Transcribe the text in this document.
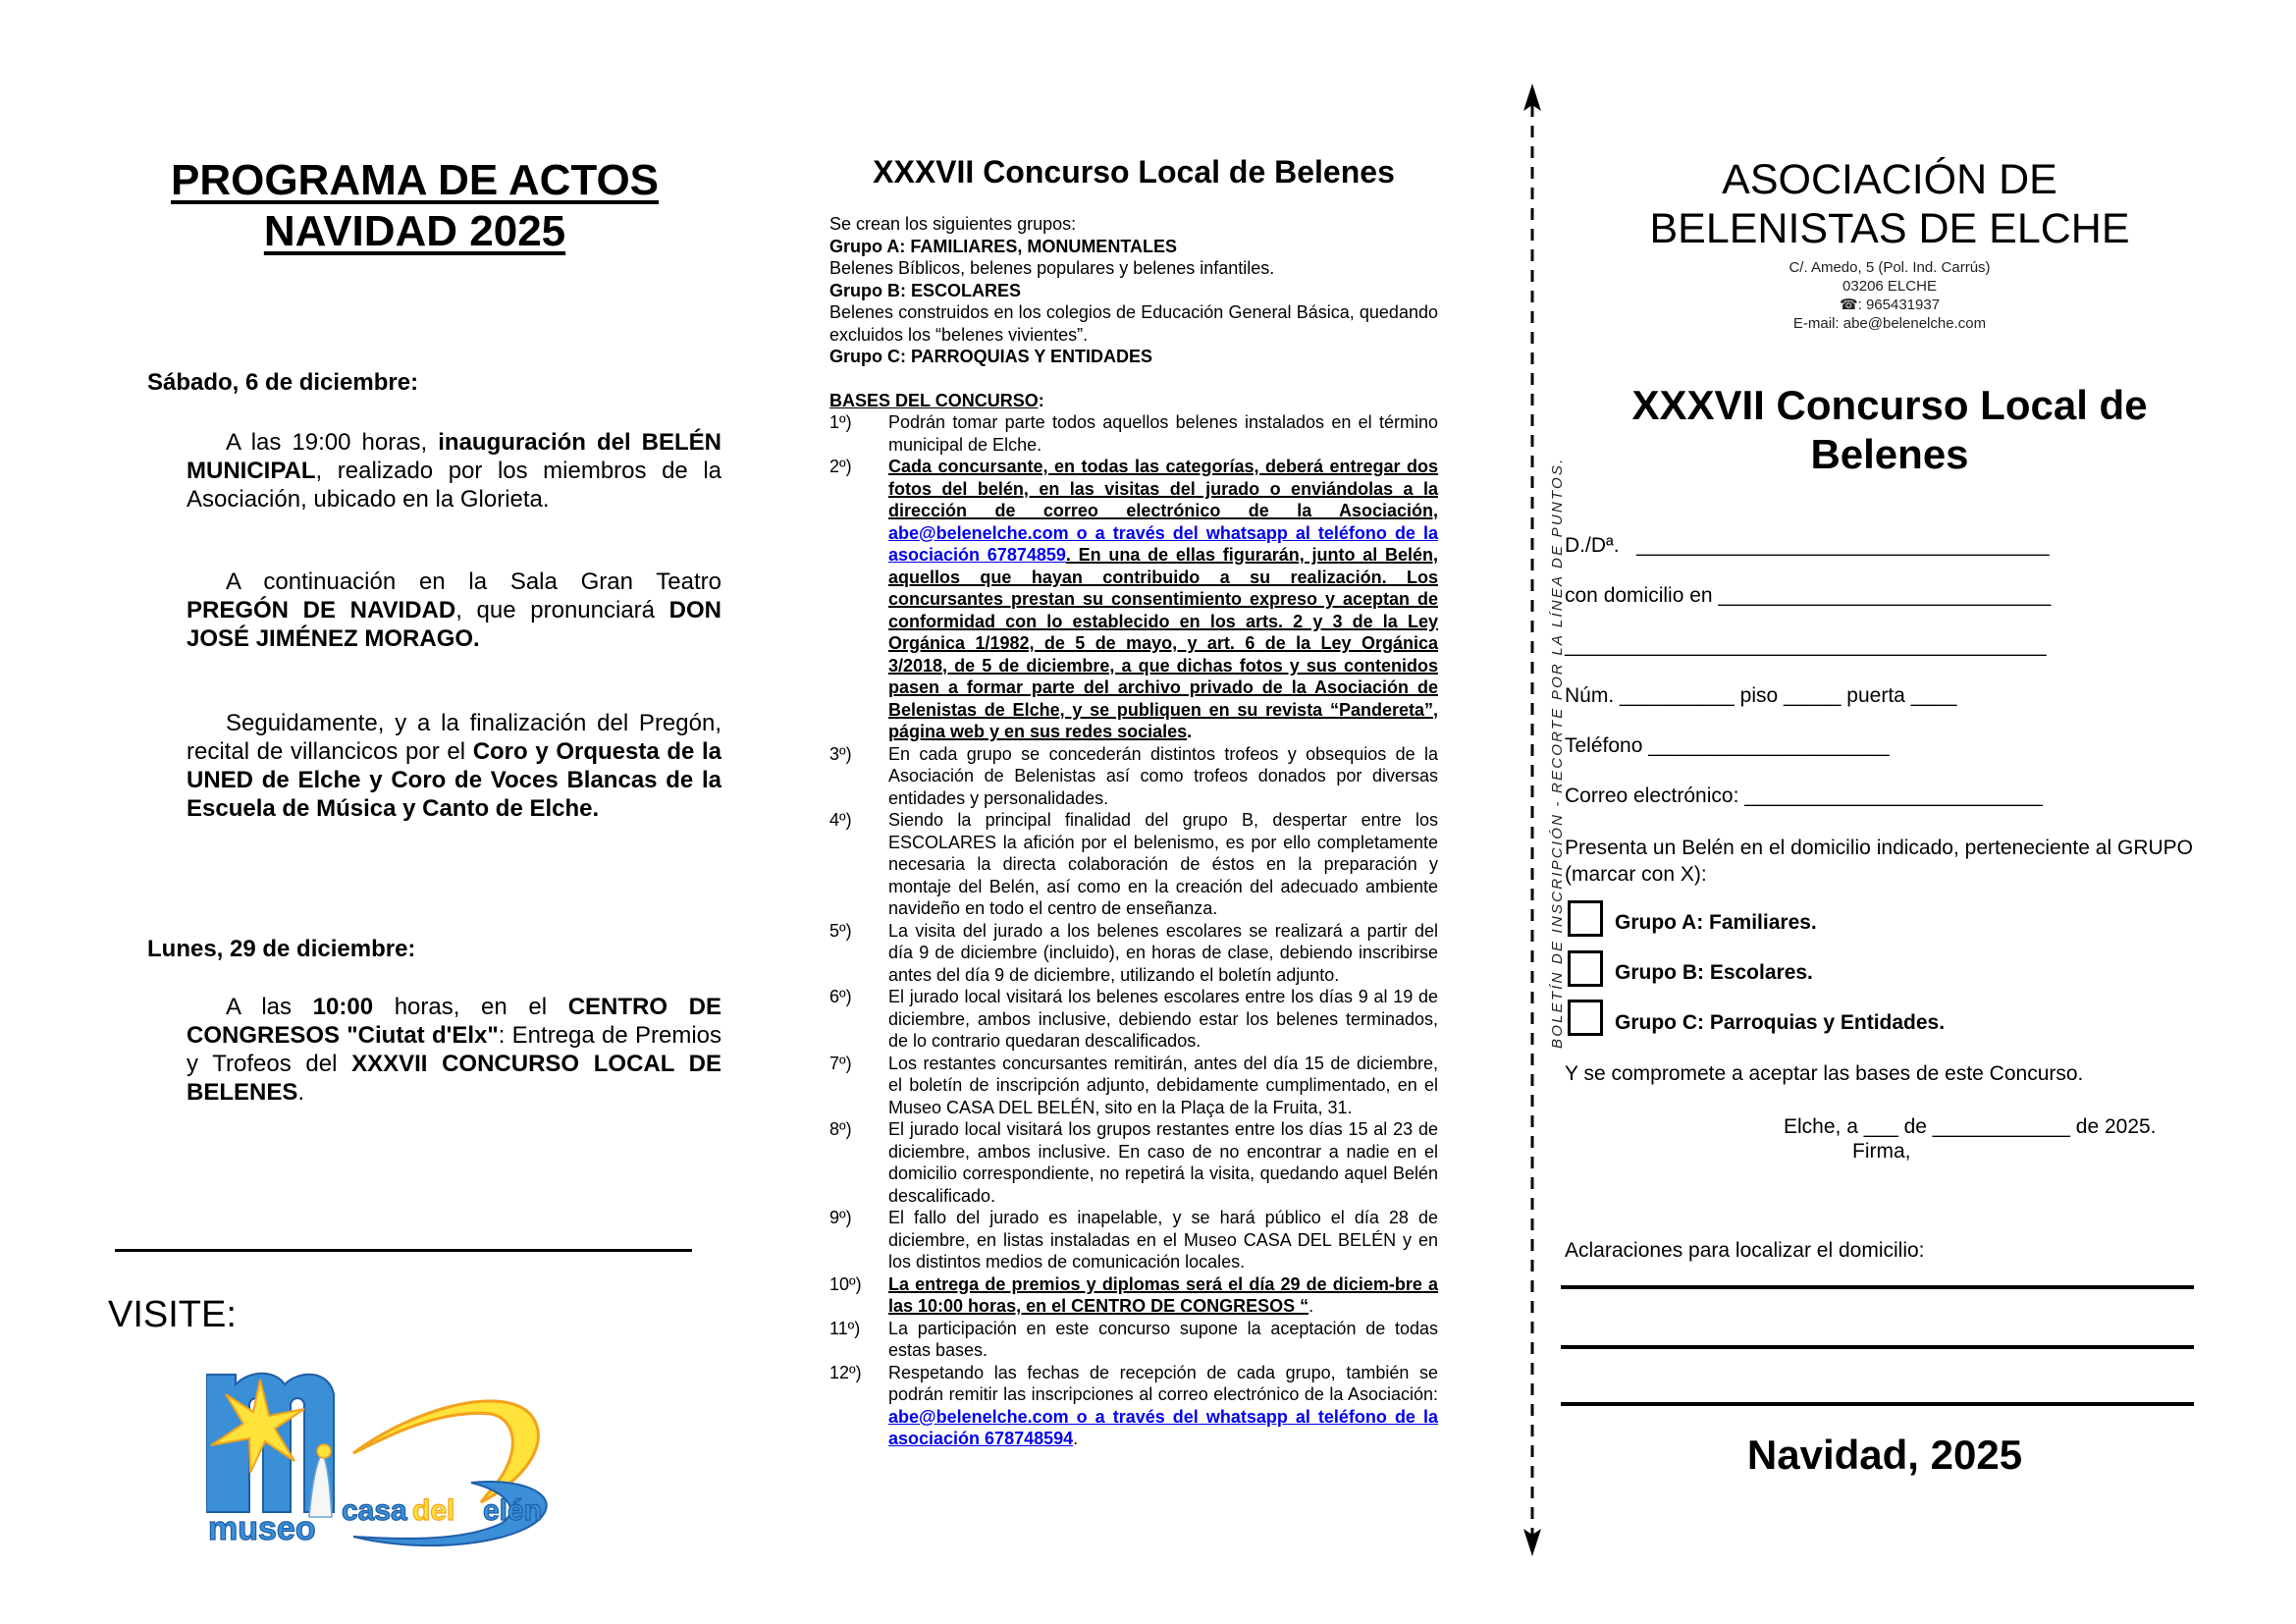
PROGRAMA DE ACTOS
NAVIDAD 2025
Sábado, 6 de diciembre:
A las 19:00 horas, inauguración del BELÉN MUNICIPAL, realizado por los miembros de la Asociación, ubicado en la Glorieta.
A continuación en la Sala Gran Teatro PREGÓN DE NAVIDAD, que pronunciará DON JOSÉ JIMÉNEZ MORAGO.
Seguidamente, y a la finalización del Pregón, recital de villancicos por el Coro y Orquesta de la UNED de Elche y Coro de Voces Blancas de la Escuela de Música y Canto de Elche.
Lunes, 29 de diciembre:
A las 10:00 horas, en el CENTRO DE CONGRESOS "Ciutat d'Elx": Entrega de Premios y Trofeos del XXXVII CONCURSO LOCAL DE BELENES.
VISITE:
museo casa del elén
XXXVII Concurso Local de Belenes
Se crean los siguientes grupos:
Grupo A: FAMILIARES, MONUMENTALES
Belenes Bíblicos, belenes populares y belenes infantiles.
Grupo B: ESCOLARES
Belenes construidos en los colegios de Educación General Básica, quedando excluidos los “belenes vivientes”.
Grupo C: PARROQUIAS Y ENTIDADES
BASES DEL CONCURSO:
1º)	Podrán tomar parte todos aquellos belenes instalados en el término municipal de Elche.
2º)	Cada concursante, en todas las categorías, deberá entregar dos fotos del belén, en las visitas del jurado o enviándolas a la dirección de correo electrónico de la Asociación, abe@belenelche.com o a través del whatsapp al teléfono de la asociación 67874859. En una de ellas figurarán, junto al Belén, aquellos que hayan contribuido a su realización. Los concursantes prestan su consentimiento expreso y aceptan de conformidad con lo establecido en los arts. 2 y 3 de la Ley Orgánica 1/1982, de 5 de mayo, y art. 6 de la Ley Orgánica 3/2018, de 5 de diciembre, a que dichas fotos y sus contenidos pasen a formar parte del archivo privado de la Asociación de Belenistas de Elche, y se publiquen en su revista “Pandereta”, página web y en sus redes sociales.
3º)	En cada grupo se concederán distintos trofeos y obsequios de la Asociación de Belenistas así como trofeos donados por diversas entidades y personalidades.
4º)	Siendo la principal finalidad del grupo B, despertar entre los ESCOLARES la afición por el belenismo, es por ello completamente necesaria la directa colaboración de éstos en la preparación y montaje del Belén, así como en la creación del adecuado ambiente navideño en todo el centro de enseñanza.
5º)	La visita del jurado a los belenes escolares se realizará a partir del día 9 de diciembre (incluido), en horas de clase, debiendo inscribirse antes del día 9 de diciembre, utilizando el boletín adjunto.
6º)	El jurado local visitará los belenes escolares entre los días 9 al 19 de diciembre, ambos inclusive, debiendo estar los belenes terminados, de lo contrario quedaran descalificados.
7º)	Los restantes concursantes remitirán, antes del día 15 de diciembre, el boletín de inscripción adjunto, debidamente cumplimentado, en el Museo CASA DEL BELÉN, sito en la Plaça de la Fruita, 31.
8º)	El jurado local visitará los grupos restantes entre los días 15 al 23 de diciembre, ambos inclusive. En caso de no encontrar a nadie en el domicilio correspondiente, no repetirá la visita, quedando aquel Belén descalificado.
9º)	El fallo del jurado es inapelable, y se hará público el día 28 de diciembre, en listas instaladas en el Museo CASA DEL BELÉN y en los distintos medios de comunicación locales.
10º)	La entrega de premios y diplomas será el día 29 de diciem-bre a las 10:00 horas, en el CENTRO DE CONGRESOS “.
11º)	La participación en este concurso supone la aceptación de todas estas bases.
12º)	Respetando las fechas de recepción de cada grupo, también se podrán remitir las inscripciones al correo electrónico de la Asociación: abe@belenelche.com o a través del whatsapp al teléfono de la asociación 678748594.
BOLETÍN DE INSCRIPCIÓN - RECORTE POR LA LÍNEA DE PUNTOS.
ASOCIACIÓN DE
BELENISTAS DE ELCHE
C/. Amedo, 5 (Pol. Ind. Carrús)
03206 ELCHE
☎: 965431937
E-mail: abe@belenelche.com
XXXVII Concurso Local de
Belenes
D./Dª. ____________________________________
con domicilio en _____________________________
__________________________________________
Núm. __________ piso _____ puerta ____
Teléfono _____________________
Correo electrónico: __________________________
Presenta un Belén en el domicilio indicado, perteneciente al GRUPO (marcar con X):
Grupo A: Familiares.
Grupo B: Escolares.
Grupo C: Parroquias y Entidades.
Y se compromete a aceptar las bases de este Concurso.
Elche, a ___ de ____________ de 2025.
Firma,
Aclaraciones para localizar el domicilio:
Navidad, 2025
